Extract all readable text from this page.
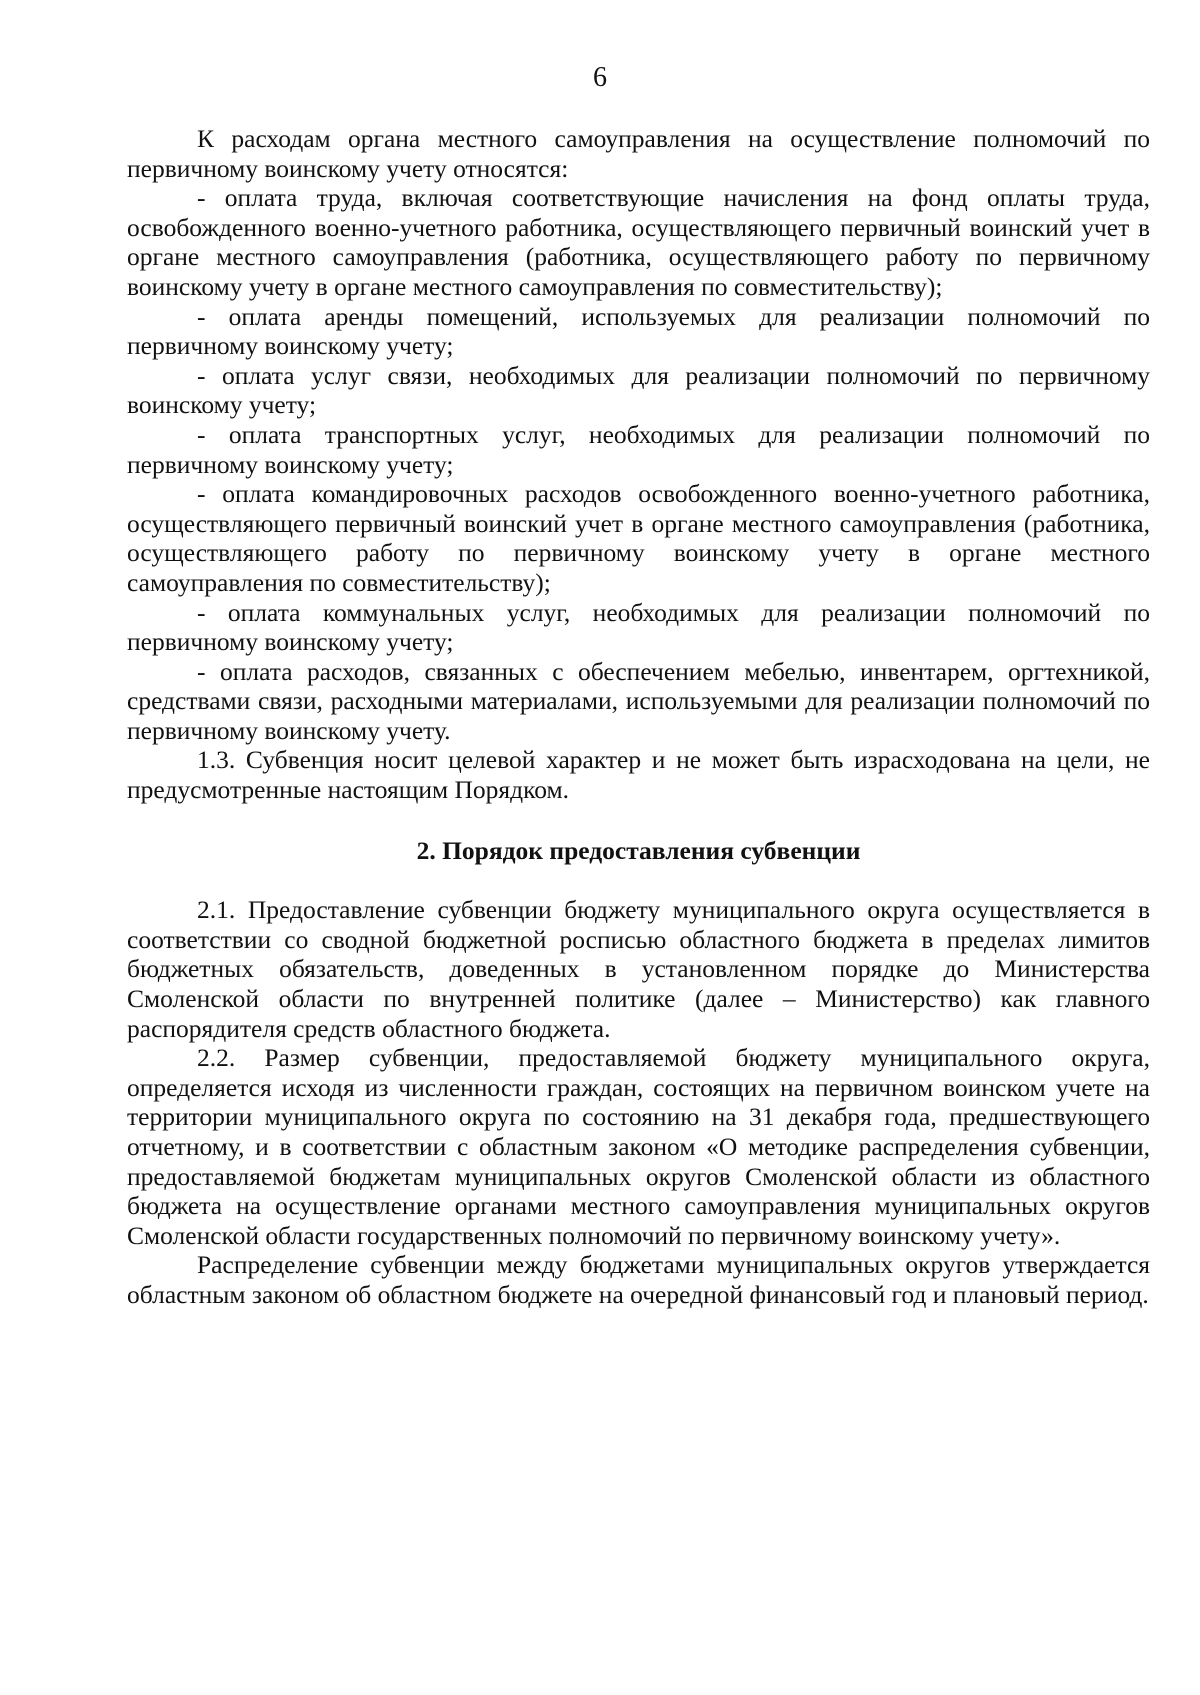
6

К расходам органа местного самоуправления на осуществление полномочий по первичному воинскому учету относятся:

- оплата труда, включая соответствующие начисления на фонд оплаты труда, освобожденного военно-учетного работника, осуществляющего первичный воинский учет в органе местного самоуправления (работника, осуществляющего работу по первичному воинскому учету в органе местного самоуправления по совместительству);

- оплата аренды помещений, используемых для реализации полномочий по первичному воинскому учету;

- оплата услуг связи, необходимых для реализации полномочий по первичному воинскому учету;

- оплата транспортных услуг, необходимых для реализации полномочий по первичному воинскому учету;

- оплата командировочных расходов освобожденного военно-учетного работника, осуществляющего первичный воинский учет в органе местного самоуправления (работника, осуществляющего работу по первичному воинскому учету в органе местного самоуправления по совместительству);

- оплата коммунальных услуг, необходимых для реализации полномочий по первичному воинскому учету;

- оплата расходов, связанных с обеспечением мебелью, инвентарем, оргтехникой, средствами связи, расходными материалами, используемыми для реализации полномочий по первичному воинскому учету.

1.3. Субвенция носит целевой характер и не может быть израсходована на цели, не предусмотренные настоящим Порядком.

2. Порядок предоставления субвенции

2.1. Предоставление субвенции бюджету муниципального округа осуществляется в соответствии со сводной бюджетной росписью областного бюджета в пределах лимитов бюджетных обязательств, доведенных в установленном порядке до Министерства Смоленской области по внутренней политике (далее – Министерство) как главного распорядителя средств областного бюджета.

2.2. Размер субвенции, предоставляемой бюджету муниципального округа, определяется исходя из численности граждан, состоящих на первичном воинском учете на территории муниципального округа по состоянию на 31 декабря года, предшествующего отчетному, и в соответствии с областным законом «О методике распределения субвенции, предоставляемой бюджетам муниципальных округов Смоленской области из областного бюджета на осуществление органами местного самоуправления муниципальных округов Смоленской области государственных полномочий по первичному воинскому учету».

Распределение субвенции между бюджетами муниципальных округов утверждается областным законом об областном бюджете на очередной финансовый год и плановый период.
